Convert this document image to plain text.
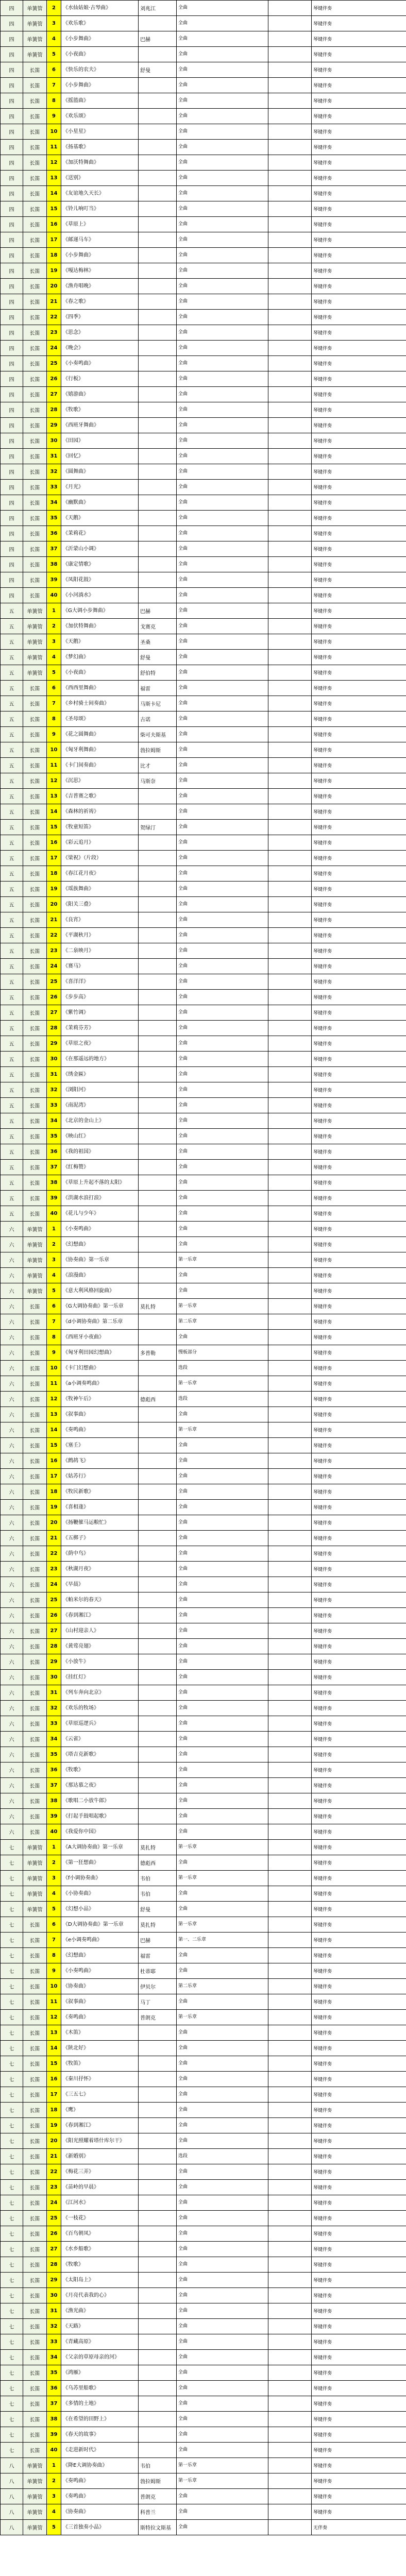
四	单簧管	2	《水仙姑娘·古琴曲》	刘兆江	全曲		琴键伴奏
四	单簧管	3	《欢乐歌》		全曲		琴键伴奏
四	单簧管	4	《小步舞曲》	巴赫	全曲		琴键伴奏
四	单簧管	5	《小夜曲》		全曲		琴键伴奏
四	长笛	6	《快乐的农夫》	舒曼	全曲		琴键伴奏
四	长笛	7	《小步舞曲》		全曲		琴键伴奏
四	长笛	8	《摇篮曲》		全曲		琴键伴奏
四	长笛	9	《欢乐颂》		全曲		琴键伴奏
四	长笛	10	《小星星》		全曲		琴键伴奏
四	长笛	11	《扬基歌》		全曲		琴键伴奏
四	长笛	12	《加沃特舞曲》		全曲		琴键伴奏
四	长笛	13	《送别》		全曲		琴键伴奏
四	长笛	14	《友谊地久天长》		全曲		琴键伴奏
四	长笛	15	《铃儿响叮当》		全曲		琴键伴奏
四	长笛	16	《草原上》		全曲		琴键伴奏
四	长笛	17	《邮递马车》		全曲		琴键伴奏
四	长笛	18	《小步舞曲》		全曲		琴键伴奏
四	长笛	19	《嘎达梅林》		全曲		琴键伴奏
四	长笛	20	《渔舟唱晚》		全曲		琴键伴奏
四	长笛	21	《春之歌》		全曲		琴键伴奏
四	长笛	22	《四季》		全曲		琴键伴奏
四	长笛	23	《思念》		全曲		琴键伴奏
四	长笛	24	《晚会》		全曲		琴键伴奏
四	长笛	25	《小奏鸣曲》		全曲		琴键伴奏
四	长笛	26	《行板》		全曲		琴键伴奏
四	长笛	27	《嬉游曲》		全曲		琴键伴奏
四	长笛	28	《牧歌》		全曲		琴键伴奏
四	长笛	29	《西班牙舞曲》		全曲		琴键伴奏
四	长笛	30	《田园》		全曲		琴键伴奏
四	长笛	31	《回忆》		全曲		琴键伴奏
四	长笛	32	《圆舞曲》		全曲		琴键伴奏
四	长笛	33	《月光》		全曲		琴键伴奏
四	长笛	34	《幽默曲》		全曲		琴键伴奏
四	长笛	35	《天鹅》		全曲		琴键伴奏
四	长笛	36	《茉莉花》		全曲		琴键伴奏
四	长笛	37	《沂蒙山小调》		全曲		琴键伴奏
四	长笛	38	《康定情歌》		全曲		琴键伴奏
四	长笛	39	《凤阳花鼓》		全曲		琴键伴奏
四	长笛	40	《小河淌水》		全曲		琴键伴奏
五	单簧管	1	《G大调小步舞曲》	巴赫	全曲		琴键伴奏
五	单簧管	2	《加伏特舞曲》	戈赛克	全曲		琴键伴奏
五	单簧管	3	《天鹅》	圣桑	全曲		琴键伴奏
五	单簧管	4	《梦幻曲》	舒曼	全曲		琴键伴奏
五	单簧管	5	《小夜曲》	舒伯特	全曲		琴键伴奏
五	长笛	6	《西西里舞曲》	福雷	全曲		琴键伴奏
五	长笛	7	《乡村骑士间奏曲》	马斯卡尼	全曲		琴键伴奏
五	长笛	8	《圣母颂》	古诺	全曲		琴键伴奏
五	长笛	9	《花之圆舞曲》	柴可夫斯基	全曲		琴键伴奏
五	长笛	10	《匈牙利舞曲》	勃拉姆斯	全曲		琴键伴奏
五	长笛	11	《卡门间奏曲》	比才	全曲		琴键伴奏
五	长笛	12	《沉思》	马斯奈	全曲		琴键伴奏
五	长笛	13	《吉普赛之歌》		全曲		琴键伴奏
五	长笛	14	《森林的祈祷》		全曲		琴键伴奏
五	长笛	15	《牧童短笛》	贺绿汀	全曲		琴键伴奏
五	长笛	16	《彩云追月》		全曲		琴键伴奏
五	长笛	17	《梁祝》（片段）		全曲		琴键伴奏
五	长笛	18	《春江花月夜》		全曲		琴键伴奏
五	长笛	19	《瑶族舞曲》		全曲		琴键伴奏
五	长笛	20	《阳关三叠》		全曲		琴键伴奏
五	长笛	21	《良宵》		全曲		琴键伴奏
五	长笛	22	《平湖秋月》		全曲		琴键伴奏
五	长笛	23	《二泉映月》		全曲		琴键伴奏
五	长笛	24	《赛马》		全曲		琴键伴奏
五	长笛	25	《喜洋洋》		全曲		琴键伴奏
五	长笛	26	《步步高》		全曲		琴键伴奏
五	长笛	27	《紫竹调》		全曲		琴键伴奏
五	长笛	28	《茉莉芬芳》		全曲		琴键伴奏
五	长笛	29	《草原之夜》		全曲		琴键伴奏
五	长笛	30	《在那遥远的地方》		全曲		琴键伴奏
五	长笛	31	《绣金匾》		全曲		琴键伴奏
五	长笛	32	《浏阳河》		全曲		琴键伴奏
五	长笛	33	《南泥湾》		全曲		琴键伴奏
五	长笛	34	《北京的金山上》		全曲		琴键伴奏
五	长笛	35	《映山红》		全曲		琴键伴奏
五	长笛	36	《我的祖国》		全曲		琴键伴奏
五	长笛	37	《红梅赞》		全曲		琴键伴奏
五	长笛	38	《草原上升起不落的太阳》		全曲		琴键伴奏
五	长笛	39	《洪湖水浪打浪》		全曲		琴键伴奏
五	长笛	40	《花儿与少年》		全曲		琴键伴奏
六	单簧管	1	《小奏鸣曲》		全曲		琴键伴奏
六	单簧管	2	《幻想曲》		全曲		琴键伴奏
六	单簧管	3	《协奏曲》第一乐章		第一乐章		琴键伴奏
六	单簧管	4	《浪漫曲》		全曲		琴键伴奏
六	单簧管	5	《意大利风格回旋曲》		全曲		琴键伴奏
六	长笛	6	《G大调协奏曲》第一乐章	莫扎特	第一乐章		琴键伴奏
六	长笛	7	《d小调协奏曲》第二乐章		第二乐章		琴键伴奏
六	长笛	8	《西班牙小夜曲》		全曲		琴键伴奏
六	长笛	9	《匈牙利田园幻想曲》	多普勒	慢板部分		琴键伴奏
六	长笛	10	《卡门幻想曲》		选段		琴键伴奏
六	长笛	11	《a小调奏鸣曲》		第一乐章		琴键伴奏
六	长笛	12	《牧神午后》	德彪西	选段		琴键伴奏
六	长笛	13	《叙事曲》		全曲		琴键伴奏
六	长笛	14	《奏鸣曲》		第一乐章		琴键伴奏
六	长笛	15	《塞壬》		全曲		琴键伴奏
六	长笛	16	《鹧鸪飞》		全曲		琴键伴奏
六	长笛	17	《姑苏行》		全曲		琴键伴奏
六	长笛	18	《牧民新歌》		全曲		琴键伴奏
六	长笛	19	《喜相逢》		全曲		琴键伴奏
六	长笛	20	《扬鞭催马运粮忙》		全曲		琴键伴奏
六	长笛	21	《五梆子》		全曲		琴键伴奏
六	长笛	22	《荫中鸟》		全曲		琴键伴奏
六	长笛	23	《秋湖月夜》		全曲		琴键伴奏
六	长笛	24	《早晨》		全曲		琴键伴奏
六	长笛	25	《帕米尔的春天》		全曲		琴键伴奏
六	长笛	26	《春到湘江》		全曲		琴键伴奏
六	长笛	27	《山村迎亲人》		全曲		琴键伴奏
六	长笛	28	《黄莺亮翅》		全曲		琴键伴奏
六	长笛	29	《小放牛》		全曲		琴键伴奏
六	长笛	30	《挂红灯》		全曲		琴键伴奏
六	长笛	31	《列车奔向北京》		全曲		琴键伴奏
六	长笛	32	《欢乐的牧场》		全曲		琴键伴奏
六	长笛	33	《草原巡逻兵》		全曲		琴键伴奏
六	长笛	34	《云雀》		全曲		琴键伴奏
六	长笛	35	《塔吉克新歌》		全曲		琴键伴奏
六	长笛	36	《牧歌》		全曲		琴键伴奏
六	长笛	37	《那达慕之夜》		全曲		琴键伴奏
六	长笛	38	《歌唱二小放牛郎》		全曲		琴键伴奏
六	长笛	39	《打起手鼓唱起歌》		全曲		琴键伴奏
六	长笛	40	《我爱你中国》		全曲		琴键伴奏
七	单簧管	1	《A大调协奏曲》第一乐章	莫扎特	第一乐章		琴键伴奏
七	单簧管	2	《第一狂想曲》	德彪西	全曲		琴键伴奏
七	单簧管	3	《f小调协奏曲》	韦伯	第一乐章		琴键伴奏
七	单簧管	4	《小协奏曲》	韦伯	全曲		琴键伴奏
七	单簧管	5	《幻想小品》	舒曼	全曲		琴键伴奏
七	长笛	6	《D大调协奏曲》第一乐章	莫扎特	第一乐章		琴键伴奏
七	长笛	7	《e小调奏鸣曲》	巴赫	第一、二乐章		琴键伴奏
七	长笛	8	《幻想曲》	福雷	全曲		琴键伴奏
七	长笛	9	《小奏鸣曲》	杜蒂耶	全曲		琴键伴奏
七	长笛	10	《协奏曲》	伊贝尔	第二乐章		琴键伴奏
七	长笛	11	《叙事曲》	马丁	全曲		琴键伴奏
七	长笛	12	《奏鸣曲》	普朗克	第一乐章		琴键伴奏
七	长笛	13	《木笛》		全曲		琴键伴奏
七	长笛	14	《陕北好》		全曲		琴键伴奏
七	长笛	15	《牧笛》		全曲		琴键伴奏
七	长笛	16	《秦川抒怀》		全曲		琴键伴奏
七	长笛	17	《三五七》		全曲		琴键伴奏
七	长笛	18	《鹰》		全曲		琴键伴奏
七	长笛	19	《春到湘江》		全曲		琴键伴奏
七	长笛	20	《阳光照耀着塔什库尔干》		全曲		琴键伴奏
七	长笛	21	《新婚别》		选段		琴键伴奏
七	长笛	22	《梅花三弄》		全曲		琴键伴奏
七	长笛	23	《苗岭的早晨》		全曲		琴键伴奏
七	长笛	24	《江河水》		全曲		琴键伴奏
七	长笛	25	《一枝花》		全曲		琴键伴奏
七	长笛	26	《百鸟朝凤》		全曲		琴键伴奏
七	长笛	27	《水乡船歌》		全曲		琴键伴奏
七	长笛	28	《牧歌》		全曲		琴键伴奏
七	长笛	29	《太阳岛上》		全曲		琴键伴奏
七	长笛	30	《月亮代表我的心》		全曲		琴键伴奏
七	长笛	31	《渔光曲》		全曲		琴键伴奏
七	长笛	32	《天路》		全曲		琴键伴奏
七	长笛	33	《青藏高原》		全曲		琴键伴奏
七	长笛	34	《父亲的草原母亲的河》		全曲		琴键伴奏
七	长笛	35	《鸿雁》		全曲		琴键伴奏
七	长笛	36	《乌苏里船歌》		全曲		琴键伴奏
七	长笛	37	《多情的土地》		全曲		琴键伴奏
七	长笛	38	《在希望的田野上》		全曲		琴键伴奏
七	长笛	39	《春天的故事》		全曲		琴键伴奏
七	长笛	40	《走进新时代》		全曲		琴键伴奏
八	单簧管	1	《降E大调协奏曲》	韦伯	第一乐章		琴键伴奏
八	单簧管	2	《奏鸣曲》	勃拉姆斯	第一乐章		琴键伴奏
八	单簧管	3	《奏鸣曲》	普朗克	全曲		琴键伴奏
八	单簧管	4	《协奏曲》	科普兰	全曲		琴键伴奏
八	单簧管	5	《三首独奏小品》	斯特拉文斯基	全曲		无伴奏
